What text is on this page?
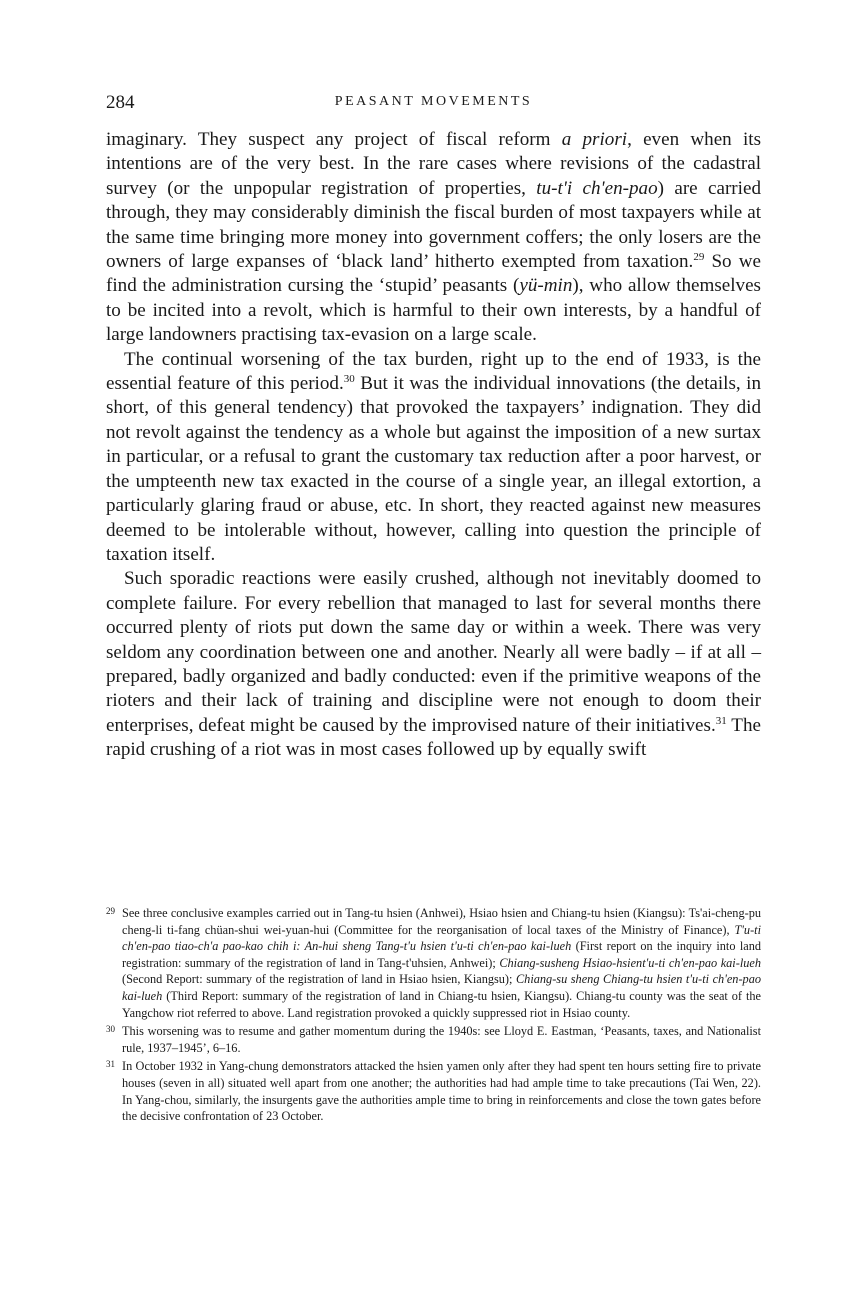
284	PEASANT MOVEMENTS

imaginary. They suspect any project of fiscal reform a priori, even when its intentions are of the very best. In the rare cases where revisions of the cadastral survey (or the unpopular registration of properties, tu-t'i ch'en-pao) are carried through, they may considerably diminish the fiscal burden of most taxpayers while at the same time bringing more money into government coffers; the only losers are the owners of large expanses of ‘black land’ hitherto exempted from taxation.$^{29}$ So we find the administration cursing the ‘stupid’ peasants (yü-min), who allow themselves to be incited into a revolt, which is harmful to their own interests, by a handful of large landowners practising tax-evasion on a large scale.

The continual worsening of the tax burden, right up to the end of 1933, is the essential feature of this period.$^{30}$ But it was the individual innovations (the details, in short, of this general tendency) that provoked the taxpayers’ indignation. They did not revolt against the tendency as a whole but against the imposition of a new surtax in particular, or a refusal to grant the customary tax reduction after a poor harvest, or the umpteenth new tax exacted in the course of a single year, an illegal extortion, a particularly glaring fraud or abuse, etc. In short, they reacted against new measures deemed to be intolerable without, however, calling into question the principle of taxation itself.

Such sporadic reactions were easily crushed, although not inevitably doomed to complete failure. For every rebellion that managed to last for several months there occurred plenty of riots put down the same day or within a week. There was very seldom any coordination between one and another. Nearly all were badly – if at all – prepared, badly organized and badly conducted: even if the primitive weapons of the rioters and their lack of training and discipline were not enough to doom their enterprises, defeat might be caused by the improvised nature of their initiatives.$^{31}$ The rapid crushing of a riot was in most cases followed up by equally swift

29 See three conclusive examples carried out in Tang-tu hsien (Anhwei), Hsiao hsien and Chiang-tu hsien (Kiangsu): Ts'ai-cheng-pu cheng-li ti-fang chüan-shui wei-yuan-hui (Committee for the reorganisation of local taxes of the Ministry of Finance), T'u-ti ch'en-pao tiao-ch'a pao-kao chih i: An-hui sheng Tang-t'u hsien t'u-ti ch'en-pao kai-lueh (First report on the inquiry into land registration: summary of the registration of land in Tang-t'uhsien, Anhwei); Chiang-susheng Hsiao-hsient'u-ti ch'en-pao kai-lueh (Second Report: summary of the registration of land in Hsiao hsien, Kiangsu); Chiang-su sheng Chiang-tu hsien t'u-ti ch'en-pao kai-lueh (Third Report: summary of the registration of land in Chiang-tu hsien, Kiangsu). Chiang-tu county was the seat of the Yangchow riot referred to above. Land registration provoked a quickly suppressed riot in Hsiao county.

30 This worsening was to resume and gather momentum during the 1940s: see Lloyd E. Eastman, ‘Peasants, taxes, and Nationalist rule, 1937–1945’, 6–16.

31 In October 1932 in Yang-chung demonstrators attacked the hsien yamen only after they had spent ten hours setting fire to private houses (seven in all) situated well apart from one another; the authorities had had ample time to take precautions (Tai Wen, 22). In Yang-chou, similarly, the insurgents gave the authorities ample time to bring in reinforcements and close the town gates before the decisive confrontation of 23 October.
